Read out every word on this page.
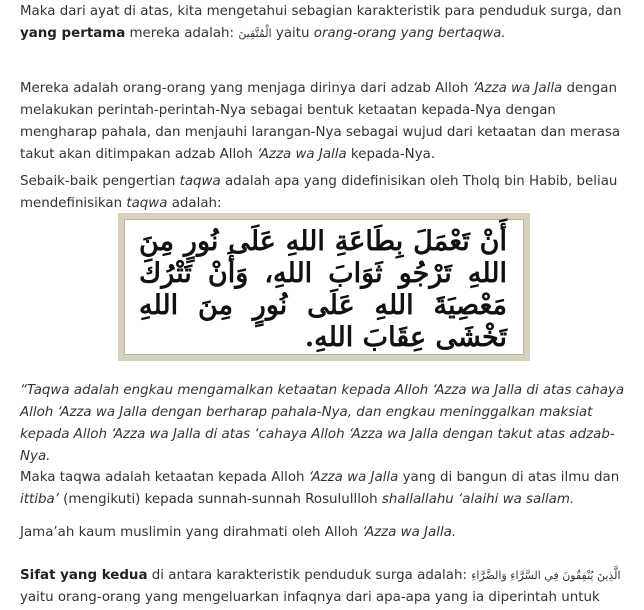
Maka dari ayat di atas, kita mengetahui sebagian karakteristik para penduduk surga, dan yang pertama mereka adalah: الْمُتَّقِينَ yaitu orang-orang yang bertaqwa.

Mereka adalah orang-orang yang menjaga dirinya dari adzab Alloh ‘Azza wa Jalla dengan melakukan perintah-perintah-Nya sebagai bentuk ketaatan kepada-Nya dengan mengharap pahala, dan menjauhi larangan-Nya sebagai wujud dari ketaatan dan merasa takut akan ditimpakan adzab Alloh ‘Azza wa Jalla kepada-Nya.

Sebaik-baik pengertian taqwa adalah apa yang didefinisikan oleh Tholq bin Habib, beliau mendefinisikan taqwa adalah:

أَنْ تَعْمَلَ بِطَاعَةِ اللهِ عَلَى نُورٍ مِنَ اللهِ تَرْجُو ثَوَابَ اللهِ، وَأَنْ تَتْرُكَ مَعْصِيَةَ اللهِ عَلَى نُورٍ مِنَ اللهِ تَخْشَى عِقَابَ اللهِ.

“Taqwa adalah engkau mengamalkan ketaatan kepada Alloh ‘Azza wa Jalla di atas cahaya Alloh ‘Azza wa Jalla dengan berharap pahala-Nya, dan engkau meninggalkan maksiat kepada Alloh ‘Azza wa Jalla di atas ‘cahaya Alloh ‘Azza wa Jalla dengan takut atas adzab-Nya.

Maka taqwa adalah ketaatan kepada Alloh ‘Azza wa Jalla yang di bangun di atas ilmu dan ittiba’ (mengikuti) kepada sunnah-sunnah Rosulullloh shallallahu ‘alaihi wa sallam.

Jama’ah kaum muslimin yang dirahmati oleh Alloh ‘Azza wa Jalla.

Sifat yang kedua di antara karakteristik penduduk surga adalah: الَّذِينَ يُنْفِقُونَ فِي السَّرَّاءِ وَالضَّرَّاءِ yaitu orang-orang yang mengeluarkan infaqnya dari apa-apa yang ia diperintah untuk
